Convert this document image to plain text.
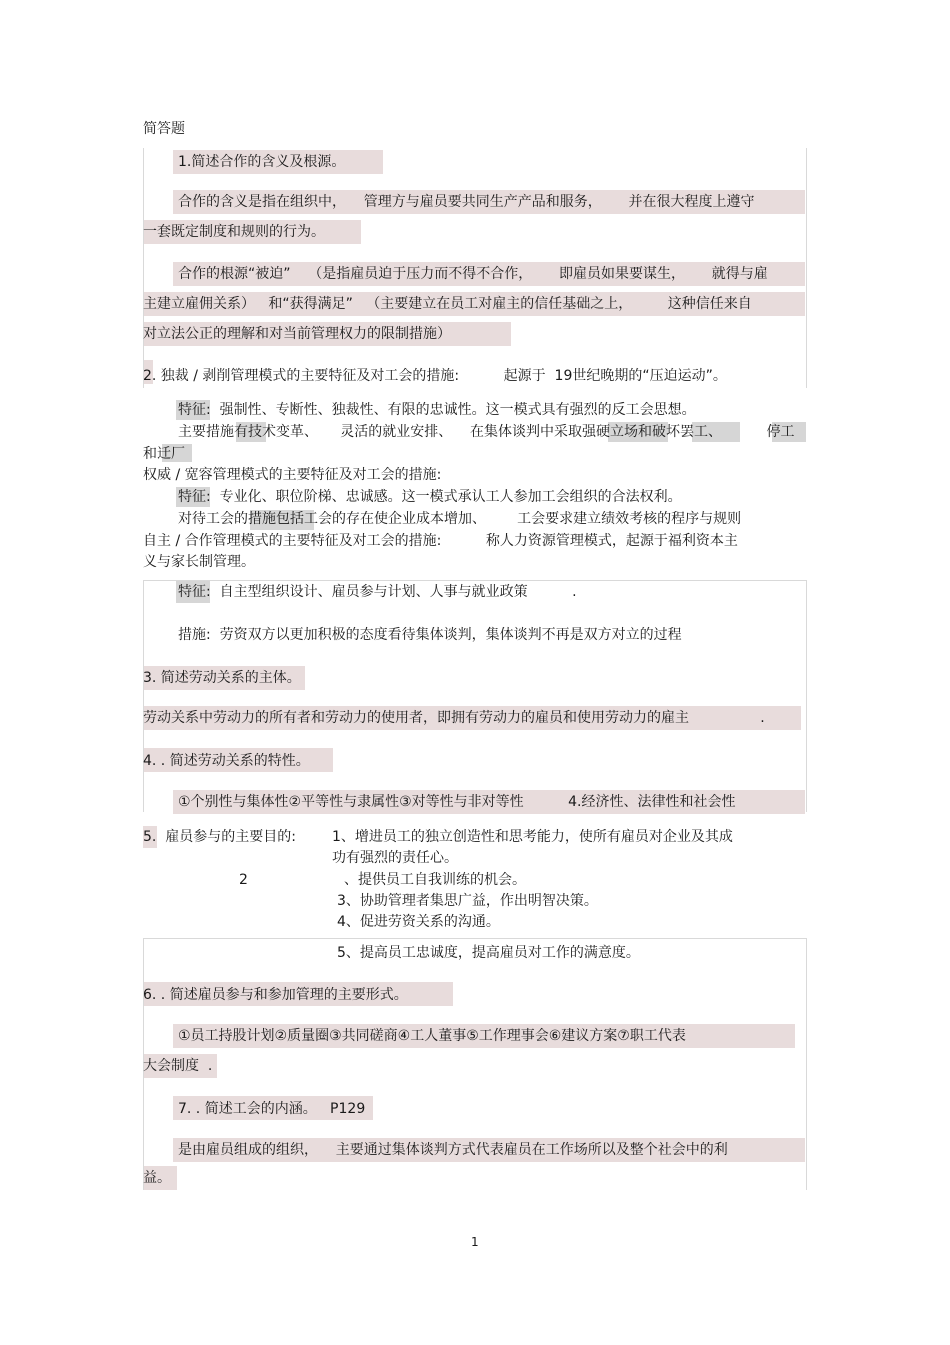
简答题
1.简述合作的含义及根源。
合作的含义是指在组织中，    管理方与雇员要共同生产产品和服务，      并在很大程度上遵守
一套既定制度和规则的行为。
合作的根源“被迫”    （是指雇员迫于压力而不得不合作，      即雇员如果要谋生，      就得与雇
主建立雇佣关系）   和“获得满足”   （主要建立在员工对雇主的信任基础之上，        这种信任来自
对立法公正的理解和对当前管理权力的限制措施）
2. 独裁 / 剥削管理模式的主要特征及对工会的措施:          起源于  19世纪晚期的“压迫运动”。
特征:  强制性、专断性、独裁性、有限的忠诚性。这一模式具有强烈的反工会思想。
主要措施有技术变革、     灵活的就业安排、    在集体谈判中采取强硬立场和破坏罢工、          停工
和迁厂
权威 / 宽容管理模式的主要特征及对工会的措施:
特征:  专业化、职位阶梯、忠诚感。这一模式承认工人参加工会组织的合法权利。
对待工会的措施包括工会的存在使企业成本增加、       工会要求建立绩效考核的程序与规则
自主 / 合作管理模式的主要特征及对工会的措施:          称人力资源管理模式，起源于福利资本主
义与家长制管理。
特征:  自主型组织设计、雇员参与计划、人事与就业政策          .
措施:  劳资双方以更加积极的态度看待集体谈判，集体谈判不再是双方对立的过程
3. 简述劳动关系的主体。
劳动关系中劳动力的所有者和劳动力的使用者，即拥有劳动力的雇员和使用劳动力的雇主                .
4. . 简述劳动关系的特性。
①个别性与集体性②平等性与隶属性③对等性与非对等性          4.经济性、法律性和社会性
5.  雇员参与的主要目的:	1、增进员工的独立创造性和思考能力，使所有雇员对企业及其成
功有强烈的责任心。
2	、提供员工自我训练的机会。
3、协助管理者集思广益，作出明智决策。
4、促进劳资关系的沟通。
5、提高员工忠诚度，提高雇员对工作的满意度。
6. . 简述雇员参与和参加管理的主要形式。
①员工持股计划②质量圈③共同磋商④工人董事⑤工作理事会⑥建议方案⑦职工代表
大会制度  .
7. . 简述工会的内涵。   P129
是由雇员组成的组织，    主要通过集体谈判方式代表雇员在工作场所以及整个社会中的利
益。
1
